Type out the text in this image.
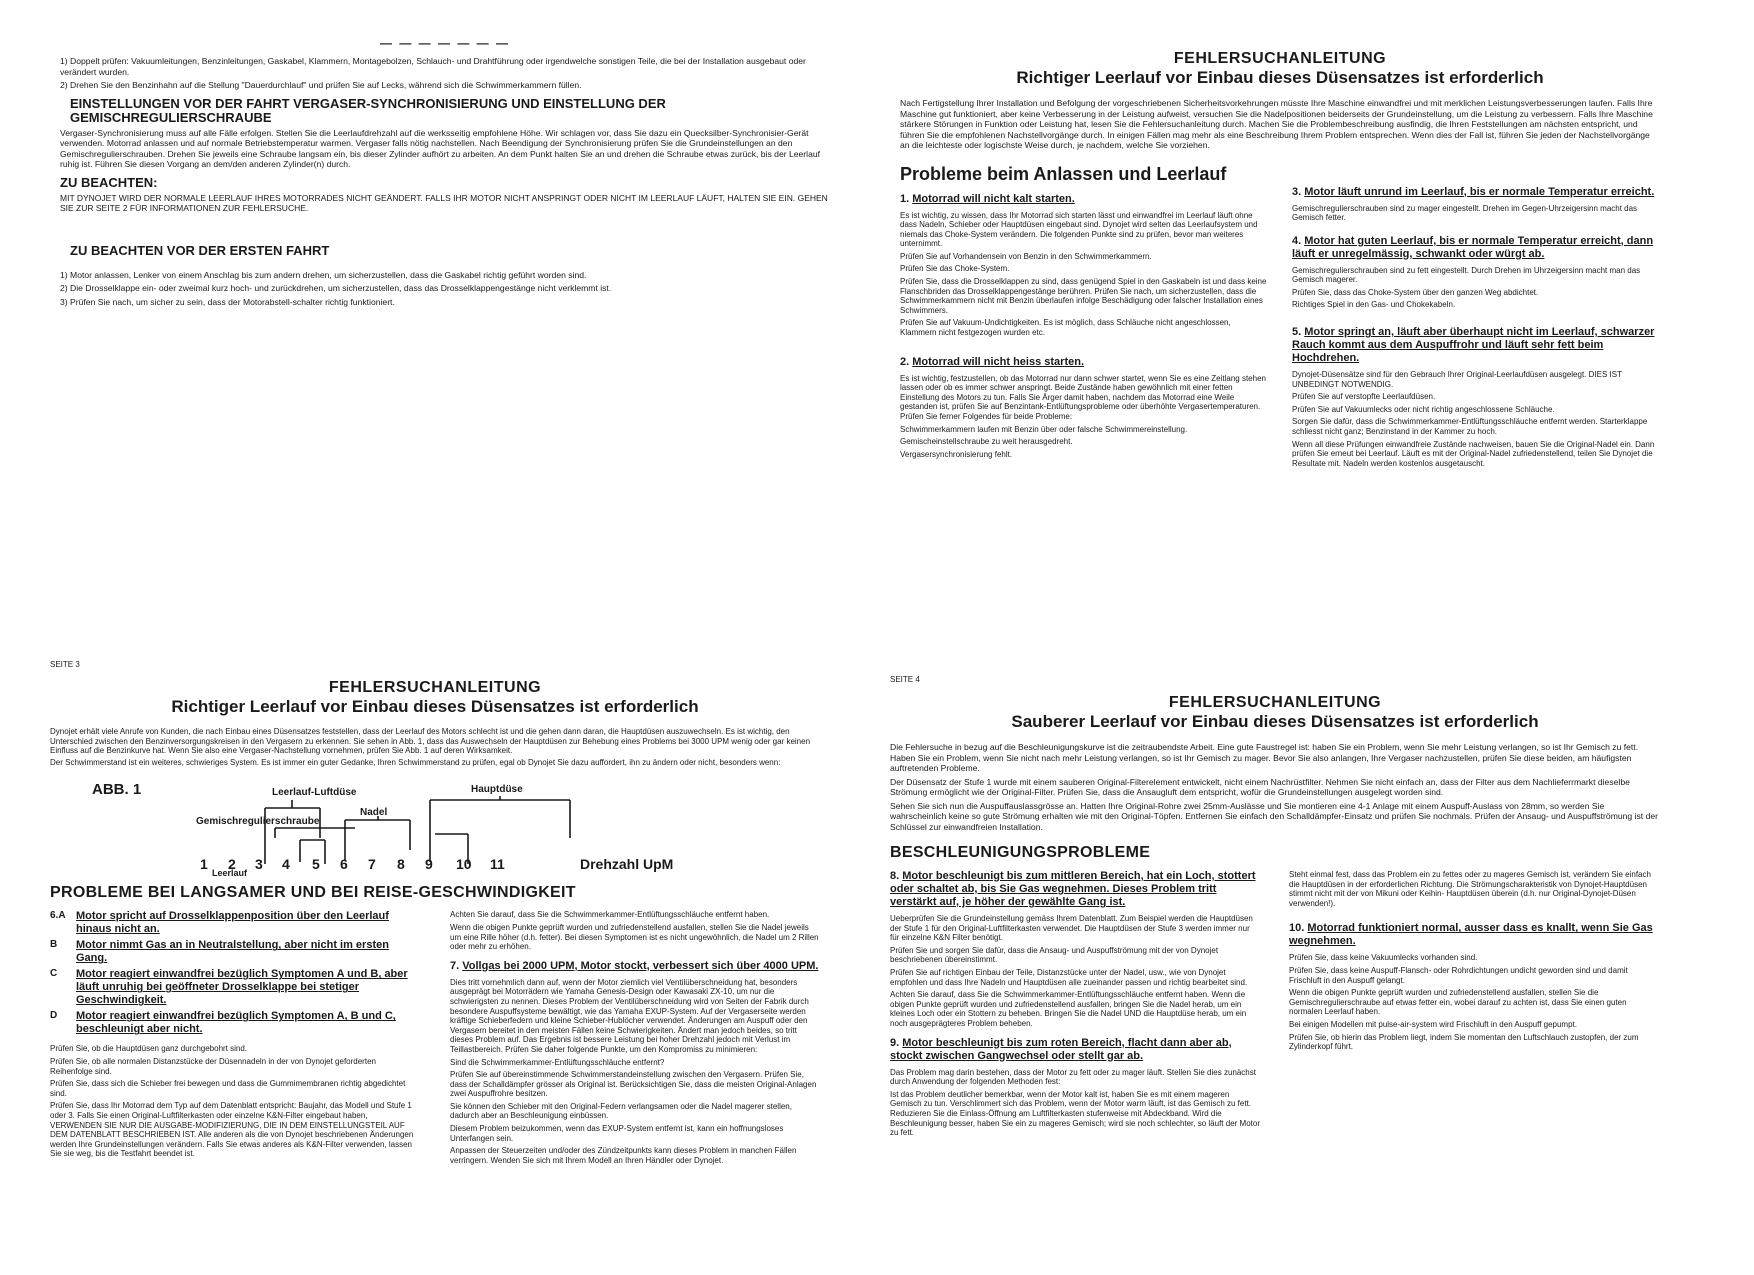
— — — — — — —

1) Doppelt prüfen: Vakuumleitungen, Benzinleitungen, Gaskabel, Klammern, Montagebolzen, Schlauch- und Drahtführung oder irgendwelche sonstigen Teile, die bei der Installation ausgebaut oder verändert wurden.

2) Drehen Sie den Benzinhahn auf die Stellung "Dauerdurchlauf" und prüfen Sie auf Lecks, während sich die Schwimmerkammern füllen.

EINSTELLUNGEN VOR DER FAHRT VERGASER-SYNCHRONISIERUNG UND EINSTELLUNG DER GEMISCHREGULIERSCHRAUBE

Vergaser-Synchronisierung muss auf alle Fälle erfolgen. Stellen Sie die Leerlaufdrehzahl auf die werksseitig empfohlene Höhe. Wir schlagen vor, dass Sie dazu ein Quecksilber-Synchronisier-Gerät verwenden. Motorrad anlassen und auf normale Betriebstemperatur warmen. Vergaser falls nötig nachstellen. Nach Beendigung der Synchronisierung prüfen Sie die Grundeinstellungen an den Gemischregulierschrauben. Drehen Sie jeweils eine Schraube langsam ein, bis dieser Zylinder aufhört zu arbeiten. An dem Punkt halten Sie an und drehen die Schraube etwas zurück, bis der Leerlauf ruhig ist. Führen Sie diesen Vorgang an dem/den anderen Zylinder(n) durch.

ZU BEACHTEN:

MIT DYNOJET WIRD DER NORMALE LEERLAUF IHRES MOTORRADES NICHT GEÄNDERT. FALLS IHR MOTOR NICHT ANSPRINGT ODER NICHT IM LEERLAUF LÄUFT, HALTEN SIE EIN. GEHEN SIE ZUR SEITE 2 FÜR INFORMATIONEN ZUR FEHLERSUCHE.

ZU BEACHTEN VOR DER ERSTEN FAHRT

1) Motor anlassen, Lenker von einem Anschlag bis zum andern drehen, um sicherzustellen, dass die Gaskabel richtig geführt worden sind.

2) Die Drosselklappe ein- oder zweimal kurz hoch- und zurückdrehen, um sicherzustellen, dass das Drosselklappengestänge nicht verklemmt ist.

3) Prüfen Sie nach, um sicher zu sein, dass der Motorabstell-schalter richtig funktioniert.

FEHLERSUCHANLEITUNG

Richtiger Leerlauf vor Einbau dieses Düsensatzes ist erforderlich

Nach Fertigstellung Ihrer Installation und Befolgung der vorgeschriebenen Sicherheitsvorkehrungen müsste Ihre Maschine einwandfrei und mit merklichen Leistungsverbesserungen laufen. Falls Ihre Maschine gut funktioniert, aber keine Verbesserung in der Leistung aufweist, versuchen Sie die Nadelpositionen beiderseits der Grundeinstellung, um die Leistung zu verbessern. Falls Ihre Maschine stärkere Störungen in Funktion oder Leistung hat, lesen Sie die Fehlersuchanleitung durch. Machen Sie die Problembeschreibung ausfindig, die Ihren Feststellungen am nächsten entspricht, und führen Sie die empfohlenen Nachstellvorgänge durch. In einigen Fällen mag mehr als eine Beschreibung Ihrem Problem entsprechen. Wenn dies der Fall ist, führen Sie jeden der Nachstellvorgänge an die leichteste oder logischste Weise durch, je nachdem, welche Sie vorziehen.

Probleme beim Anlassen und Leerlauf

1. Motorrad will nicht kalt starten.

Es ist wichtig, zu wissen, dass Ihr Motorrad sich starten lässt und einwandfrei im Leerlauf läuft ohne dass Nadeln, Schieber oder Hauptdüsen eingebaut sind. Dynojet wird selten das Leerlaufsystem und niemals das Choke-System verändern. Die folgenden Punkte sind zu prüfen, bevor man weiteres unternimmt.

Prüfen Sie auf Vorhandensein von Benzin in den Schwimmerkammern.

Prüfen Sie das Choke-System.

Prüfen Sie, dass die Drosselklappen zu sind, dass genügend Spiel in den Gaskabeln ist und dass keine Flanschbriden das Drosselklappengestänge berühren. Prüfen Sie nach, um sicherzustellen, dass die Schwimmerkammern nicht mit Benzin überlaufen infolge Beschädigung oder falscher Installation eines Schwimmers.

Prüfen Sie auf Vakuum-Undichtigkeiten. Es ist möglich, dass Schläuche nicht angeschlossen, Klammern nicht festgezogen wurden etc.

2. Motorrad will nicht heiss starten.

Es ist wichtig, festzustellen, ob das Motorrad nur dann schwer startet, wenn Sie es eine Zeitlang stehen lassen oder ob es immer schwer anspringt. Beide Zustände haben gewöhnlich mit einer fetten Einstellung des Motors zu tun. Falls Sie Ärger damit haben, nachdem das Motorrad eine Weile gestanden ist, prüfen Sie auf Benzintank-Entlüftungsprobleme oder überhöhte Vergasertemperaturen. Prüfen Sie ferner Folgendes für beide Probleme:

Schwimmerkammern laufen mit Benzin über oder falsche Schwimmereinstellung.

Gemischeinstellschraube zu weit herausgedreht.

Vergasersynchronisierung fehlt.

3. Motor läuft unrund im Leerlauf, bis er normale Temperatur erreicht.

Gemischregulierschrauben sind zu mager eingestellt. Drehen im Gegen-Uhrzeigersinn macht das Gemisch fetter.

4. Motor hat guten Leerlauf, bis er normale Temperatur erreicht, dann läuft er unregelmässig, schwankt oder würgt ab.

Gemischregulierschrauben sind zu fett eingestellt. Durch Drehen im Uhrzeigersinn macht man das Gemisch magerer.

Prüfen Sie, dass das Choke-System über den ganzen Weg abdichtet.

Richtiges Spiel in den Gas- und Chokekabeln.

5. Motor springt an, läuft aber überhaupt nicht im Leerlauf, schwarzer Rauch kommt aus dem Auspuffrohr und läuft sehr fett beim Hochdrehen.

Dynojet-Düsensätze sind für den Gebrauch Ihrer Original-Leerlaufdüsen ausgelegt. DIES IST UNBEDINGT NOTWENDIG.

Prüfen Sie auf verstopfte Leerlaufdüsen.

Prüfen Sie auf Vakuumlecks oder nicht richtig angeschlossene Schläuche.

Sorgen Sie dafür, dass die Schwimmerkammer-Entlüftungsschläuche entfernt werden. Starterklappe schliesst nicht ganz; Benzinstand in der Kammer zu hoch.

Wenn all diese Prüfungen einwandfreie Zustände nachweisen, bauen Sie die Original-Nadel ein. Dann prüfen Sie erneut bei Leerlauf. Läuft es mit der Original-Nadel zufriedenstellend, teilen Sie Dynojet die Resultate mit. Nadeln werden kostenlos ausgetauscht.

SEITE 3

FEHLERSUCHANLEITUNG

Richtiger Leerlauf vor Einbau dieses Düsensatzes ist erforderlich

Dynojet erhält viele Anrufe von Kunden, die nach Einbau eines Düsensatzes feststellen, dass der Leerlauf des Motors schlecht ist und die gehen dann daran, die Hauptdüsen auszuwechseln. Es ist wichtig, den Unterschied zwischen den Benzinversorgungskreisen in den Vergasern zu erkennen. Sie sehen in Abb. 1, dass das Auswechseln der Hauptdüsen zur Behebung eines Problems bei 3000 UPM wenig oder gar keinen Einfluss auf die Benzinkurve hat. Wenn Sie also eine Vergaser-Nachstellung vornehmen, prüfen Sie Abb. 1 auf deren Wirksamkeit.

Der Schwimmerstand ist ein weiteres, schwieriges System. Es ist immer ein guter Gedanke, Ihren Schwimmerstand zu prüfen, egal ob Dynojet Sie dazu auffordert, ihn zu ändern oder nicht, besonders wenn:

ABB. 1	Leerlauf-Luftdüse	Hauptdüse
Nadel
Gemischregulierschraube
1 2 3 4 5 6 7 8 9 10 11
Leerlauf
Drehzahl UpM

PROBLEME BEI LANGSAMER UND BEI REISE-GESCHWINDIGKEIT

6.A Motor spricht auf Drosselklappenposition über den Leerlauf hinaus nicht an.
B	Motor nimmt Gas an in Neutralstellung, aber nicht im ersten Gang.
C	Motor reagiert einwandfrei bezüglich Symptomen A und B, aber läuft unruhig bei geöffneter Drosselklappe bei stetiger Geschwindigkeit.
D	Motor reagiert einwandfrei bezüglich Symptomen A, B und C, beschleunigt aber nicht.

Prüfen Sie, ob die Hauptdüsen ganz durchgebohrt sind.

Prüfen Sie, ob alle normalen Distanzstücke der Düsennadeln in der von Dynojet geforderten Reihenfolge sind.

Prüfen Sie, dass sich die Schieber frei bewegen und dass die Gummimembranen richtig abgedichtet sind.

Prüfen Sie, dass Ihr Motorrad dem Typ auf dem Datenblatt entspricht: Baujahr, das Modell und Stufe 1 oder 3. Falls Sie einen Original-Luftfilterkasten oder einzelne K&N-Filter eingebaut haben, VERWENDEN SIE NUR DIE AUSGABE-MODIFIZIERUNG, DIE IN DEM EINSTELLUNGSTEIL AUF DEM DATENBLATT BESCHRIEBEN IST. Alle anderen als die von Dynojet beschriebenen Änderungen werden Ihre Grundeinstellungen verändern. Falls Sie etwas anderes als K&N-Filter verwenden, lassen Sie sie weg, bis die Testfahrt beendet ist.

Achten Sie darauf, dass Sie die Schwimmerkammer-Entlüftungsschläuche entfernt haben.

Wenn die obigen Punkte geprüft wurden und zufriedenstellend ausfallen, stellen Sie die Nadel jeweils um eine Rille höher (d.h. fetter). Bei diesen Symptomen ist es nicht ungewöhnlich, die Nadel um 2 Rillen oder mehr zu erhöhen.

7. Vollgas bei 2000 UPM, Motor stockt, verbessert sich über 4000 UPM.

Dies tritt vornehmlich dann auf, wenn der Motor ziemlich viel Ventilüberschneidung hat, besonders ausgeprägt bei Motorrädern wie Yamaha Genesis-Design oder Kawasaki ZX-10, um nur die schwierigsten zu nennen. Dieses Problem der Ventilüberschneidung wird von Seiten der Fabrik durch besondere Auspuffsysteme bewältigt, wie das Yamaha EXUP-System. Auf der Vergaserseite werden kräftige Schieberfedern und kleine Schieber-Hublöcher verwendet. Änderungen am Auspuff oder den Vergasern bereitet in den meisten Fällen keine Schwierigkeiten. Ändert man jedoch beides, so tritt dieses Problem auf. Das Ergebnis ist bessere Leistung bei hoher Drehzahl jedoch mit Verlust im Teillastbereich. Prüfen Sie daher folgende Punkte, um den Kompromiss zu minimieren:

Sind die Schwimmerkammer-Entlüftungsschläuche entfernt?

Prüfen Sie auf übereinstimmende Schwimmerstandeinstellung zwischen den Vergasern. Prüfen Sie, dass der Schalldämpfer grösser als Original ist. Berücksichtigen Sie, dass die meisten Original-Anlagen zwei Auspuffrohre besitzen.

Sie können den Schieber mit den Original-Federn verlangsamen oder die Nadel magerer stellen, dadurch aber an Beschleunigung einbüssen.

Diesem Problem beizukommen, wenn das EXUP-System entfernt ist, kann ein hoffnungsloses Unterfangen sein.

Anpassen der Steuerzeiten und/oder des Zündzeitpunkts kann dieses Problem in manchen Fällen verringern. Wenden Sie sich mit Ihrem Modell an Ihren Händler oder Dynojet.

SEITE 4

FEHLERSUCHANLEITUNG

Sauberer Leerlauf vor Einbau dieses Düsensatzes ist erforderlich

Die Fehlersuche in bezug auf die Beschleunigungskurve ist die zeitraubendste Arbeit. Eine gute Faustregel ist: haben Sie ein Problem, wenn Sie mehr Leistung verlangen, so ist Ihr Gemisch zu fett. Haben Sie ein Problem, wenn Sie nicht nach mehr Leistung verlangen, so ist Ihr Gemisch zu mager. Bevor Sie also anlangen, Ihre Vergaser nachzustellen, prüfen Sie diese beiden, am häufigsten auftretenden Probleme.

Der Düsensatz der Stufe 1 wurde mit einem sauberen Original-Filterelement entwickelt, nicht einem Nachrüstfilter. Nehmen Sie nicht einfach an, dass der Filter aus dem Nachlieferrmarkt dieselbe Strömung ermöglicht wie der Original-Filter. Prüfen Sie, dass die Ansaugluft dem entspricht, wofür die Grundeinstellungen ausgelegt worden sind.

Sehen Sie sich nun die Auspuffauslassgrösse an. Hatten Ihre Original-Rohre zwei 25mm-Auslässe und Sie montieren eine 4-1 Anlage mit einem Auspuff-Auslass von 28mm, so werden Sie wahrscheinlich keine so gute Strömung erhalten wie mit den Original-Töpfen. Entfernen Sie einfach den Schalldämpfer-Einsatz und prüfen Sie nochmals. Prüfen der Ansaug- und Auspuffströmung ist der Schlüssel zur einwandfreien Installation.

BESCHLEUNIGUNGSPROBLEME

8. Motor beschleunigt bis zum mittleren Bereich, hat ein Loch, stottert oder schaltet ab, bis Sie Gas wegnehmen. Dieses Problem tritt verstärkt auf, je höher der gewählte Gang ist.

Ueberprüfen Sie die Grundeinstellung gemäss Ihrem Datenblatt. Zum Beispiel werden die Hauptdüsen der Stufe 1 für den Original-Luftfilterkasten verwendet. Die Hauptdüsen der Stufe 3 werden immer nur für einzelne K&N Filter benötigt.

Prüfen Sie und sorgen Sie dafür, dass die Ansaug- und Auspuffströmung mit der von Dynojet beschriebenen übereinstimmt.

Prüfen Sie auf richtigen Einbau der Teile, Distanzstücke unter der Nadel, usw., wie von Dynojet empfohlen und dass Ihre Nadeln und Hauptdüsen alle zueinander passen und richtig bearbeitet sind.

Achten Sie darauf, dass Sie die Schwimmerkammer-Entlüftungsschläuche entfernt haben. Wenn die obigen Punkte geprüft wurden und zufriedenstellend ausfallen, bringen Sie die Nadel herab, um ein kleines Loch oder ein Stottern zu beheben. Bringen Sie die Nadel UND die Hauptdüse herab, um ein noch ausgeprägteres Problem beheben.

9. Motor beschleunigt bis zum roten Bereich, flacht dann aber ab, stockt zwischen Gangwechsel oder stellt gar ab.

Das Problem mag darin bestehen, dass der Motor zu fett oder zu mager läuft. Stellen Sie dies zunächst durch Anwendung der folgenden Methoden fest:

Ist das Problem deutlicher bemerkbar, wenn der Motor kalt ist, haben Sie es mit einem mageren Gemisch zu tun. Verschlimmert sich das Problem, wenn der Motor warm läuft, ist das Gemisch zu fett. Reduzieren Sie die Einlass-Öffnung am Luftfilterkasten stufenweise mit Abdeckband. Wird die Beschleunigung besser, haben Sie ein zu mageres Gemisch; wird sie noch schlechter, so läuft der Motor zu fett.

Steht einmal fest, dass das Problem ein zu fettes oder zu mageres Gemisch ist, verändern Sie einfach die Hauptdüsen in der erforderlichen Richtung. Die Strömungscharakteristik von Dynojet-Hauptdüsen stimmt nicht mit der von Mikuni oder Keihin- Hauptdüsen überein (d.h. nur Original-Dynojet-Düsen verwenden!).

10. Motorrad funktioniert normal, ausser dass es knallt, wenn Sie Gas wegnehmen.

Prüfen Sie, dass keine Vakuumlecks vorhanden sind.

Prüfen Sie, dass keine Auspuff-Flansch- oder Rohrdichtungen undicht geworden sind und damit Frischluft in den Auspuff gelangt.

Wenn die obigen Punkte geprüft wurden und zufriedenstellend ausfallen, stellen Sie die Gemischregulierschraube auf etwas fetter ein, wobei darauf zu achten ist, dass Sie einen guten normalen Leerlauf haben.

Bei einigen Modellen mit pulse-air-system wird Frischluft in den Auspuff gepumpt.

Prüfen Sie, ob hierin das Problem liegt, indem Sie momentan den Luftschlauch zustopfen, der zum Zylinderkopf führt.
